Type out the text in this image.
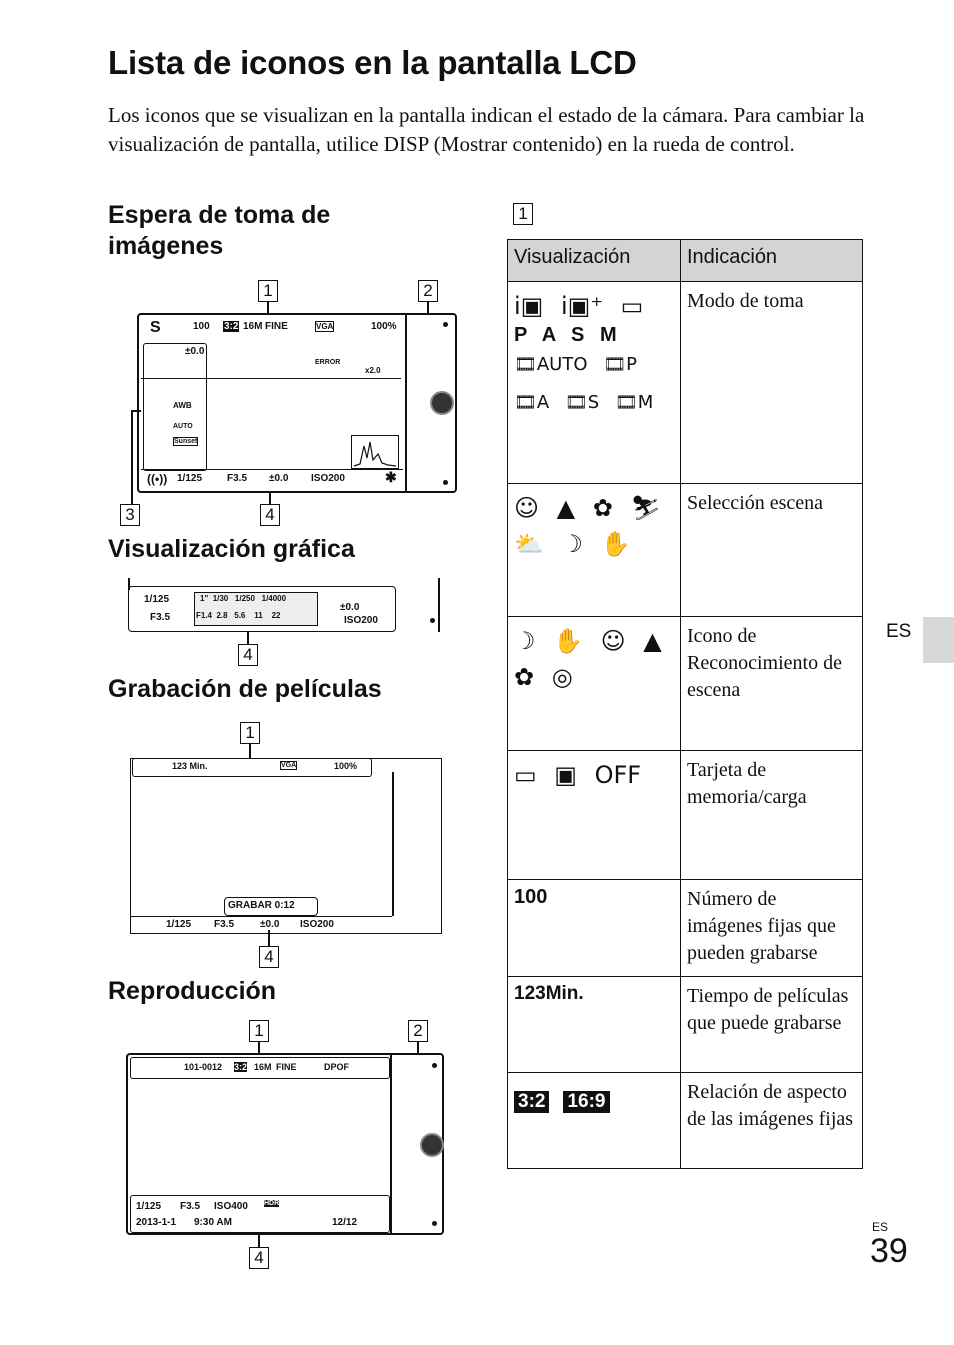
Lista de iconos en la pantalla LCD

Los iconos que se visualizan en la pantalla indican el estado de la cámara. Para cambiar la visualización de pantalla, utilice DISP (Mostrar contenido) en la rueda de control.

Espera de toma de imágenes
1	2
S	100 3:2 16M FINE	VGA	100%
±0.0
AWB
AUTO
Sunset
ERROR
x2.0
((•)) 1/125 F3.5 ±0.0 ISO200	✱
3	4
Visualización gráfica
1/125
F3.5
1"  1/30   1/250   1/4000
F1.4  2.8   5.6    11    22
±0.0
ISO200
4
Grabación de películas
1
123 Min.	VGA	100%
GRABAR 0:12
1/125 F3.5	±0.0 ISO200
4
Reproducción
1	2
101-0012 3:2 16M FINE	DPOF
1/125 F3.5 ISO400 HDR
2013-1-1 9:30 AM	12/12
4
1
Visualización	Indicación

i▣ i▣⁺ ▭
P A S M
🎞AUTO 🎞P 🎞A 🎞S 🎞M	Modo de toma
☺ ▲ ✿ ⛷ ⛅ ☽ ✋	Selección escena
☽ ✋ ☺ ▲ ✿ ◎	Icono de Reconocimiento de escena
▭ ▣ OFF	Tarjeta de memoria/carga
100	Número de imágenes fijas que pueden grabarse
123Min.	Tiempo de películas que puede grabarse
3:2 16:9	Relación de aspecto de las imágenes fijas
ES
ES
39
